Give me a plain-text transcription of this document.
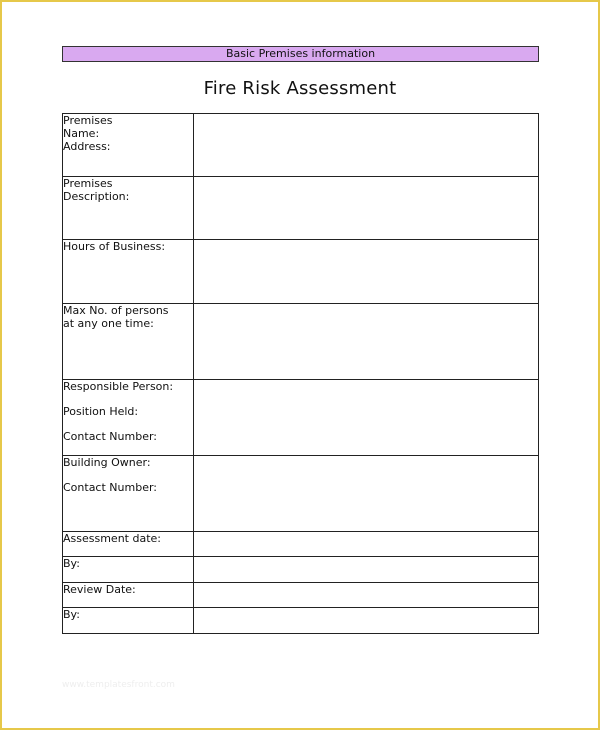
Basic Premises information
Fire Risk Assessment
Premises
Name:
Address:	

Premises
Description:	

Hours of Business:	

Max No. of persons
at any one time:	

Responsible Person:
Position Held:
Contact Number:	

Building Owner:
Contact Number:	

Assessment date:	

By:	

Review Date:	

By:	

www.templatesfront.com
